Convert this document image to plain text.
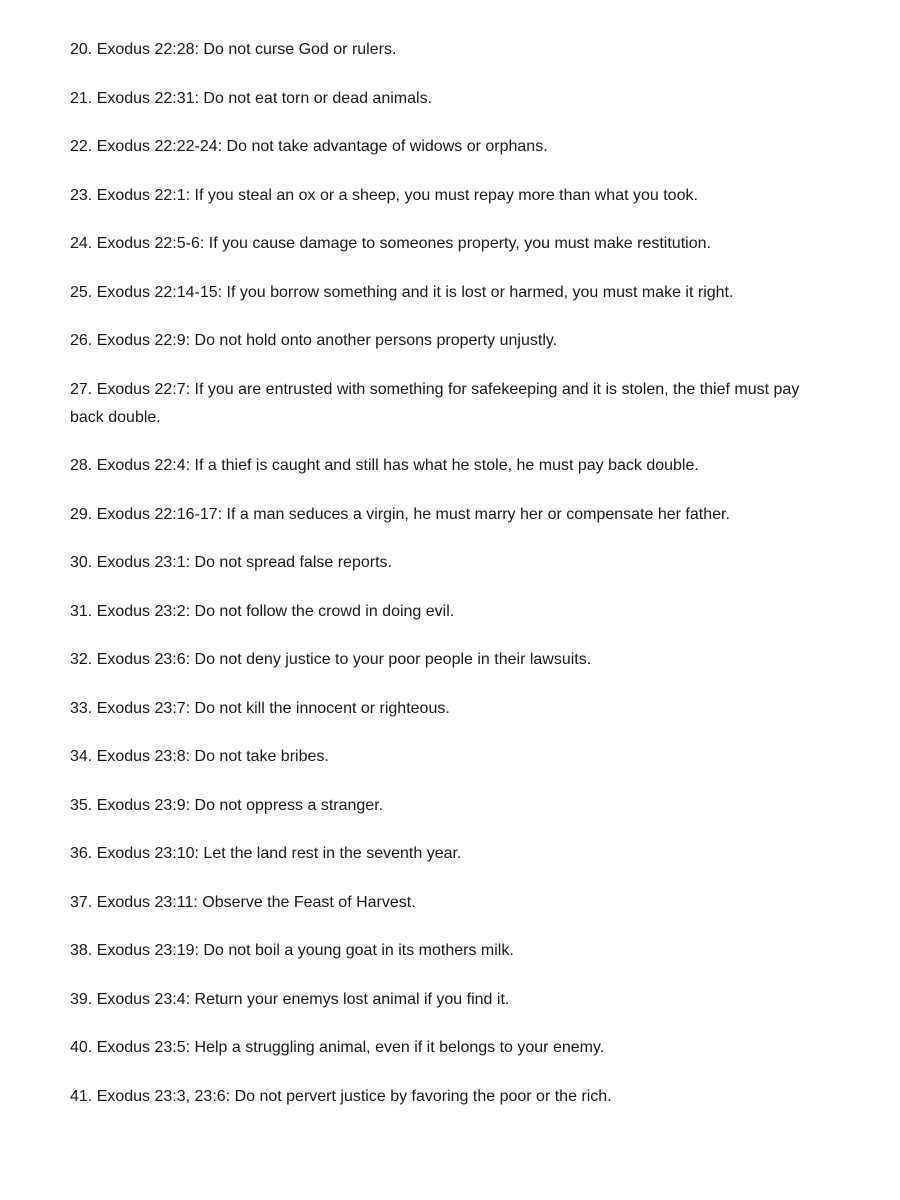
20. Exodus 22:28: Do not curse God or rulers.

21. Exodus 22:31: Do not eat torn or dead animals.

22. Exodus 22:22-24: Do not take advantage of widows or orphans.

23. Exodus 22:1: If you steal an ox or a sheep, you must repay more than what you took.

24. Exodus 22:5-6: If you cause damage to someones property, you must make restitution.

25. Exodus 22:14-15: If you borrow something and it is lost or harmed, you must make it right.

26. Exodus 22:9: Do not hold onto another persons property unjustly.

27. Exodus 22:7: If you are entrusted with something for safekeeping and it is stolen, the thief must pay back double.

28. Exodus 22:4: If a thief is caught and still has what he stole, he must pay back double.

29. Exodus 22:16-17: If a man seduces a virgin, he must marry her or compensate her father.

30. Exodus 23:1: Do not spread false reports.

31. Exodus 23:2: Do not follow the crowd in doing evil.

32. Exodus 23:6: Do not deny justice to your poor people in their lawsuits.

33. Exodus 23:7: Do not kill the innocent or righteous.

34. Exodus 23:8: Do not take bribes.

35. Exodus 23:9: Do not oppress a stranger.

36. Exodus 23:10: Let the land rest in the seventh year.

37. Exodus 23:11: Observe the Feast of Harvest.

38. Exodus 23:19: Do not boil a young goat in its mothers milk.

39. Exodus 23:4: Return your enemys lost animal if you find it.

40. Exodus 23:5: Help a struggling animal, even if it belongs to your enemy.

41. Exodus 23:3, 23:6: Do not pervert justice by favoring the poor or the rich.
